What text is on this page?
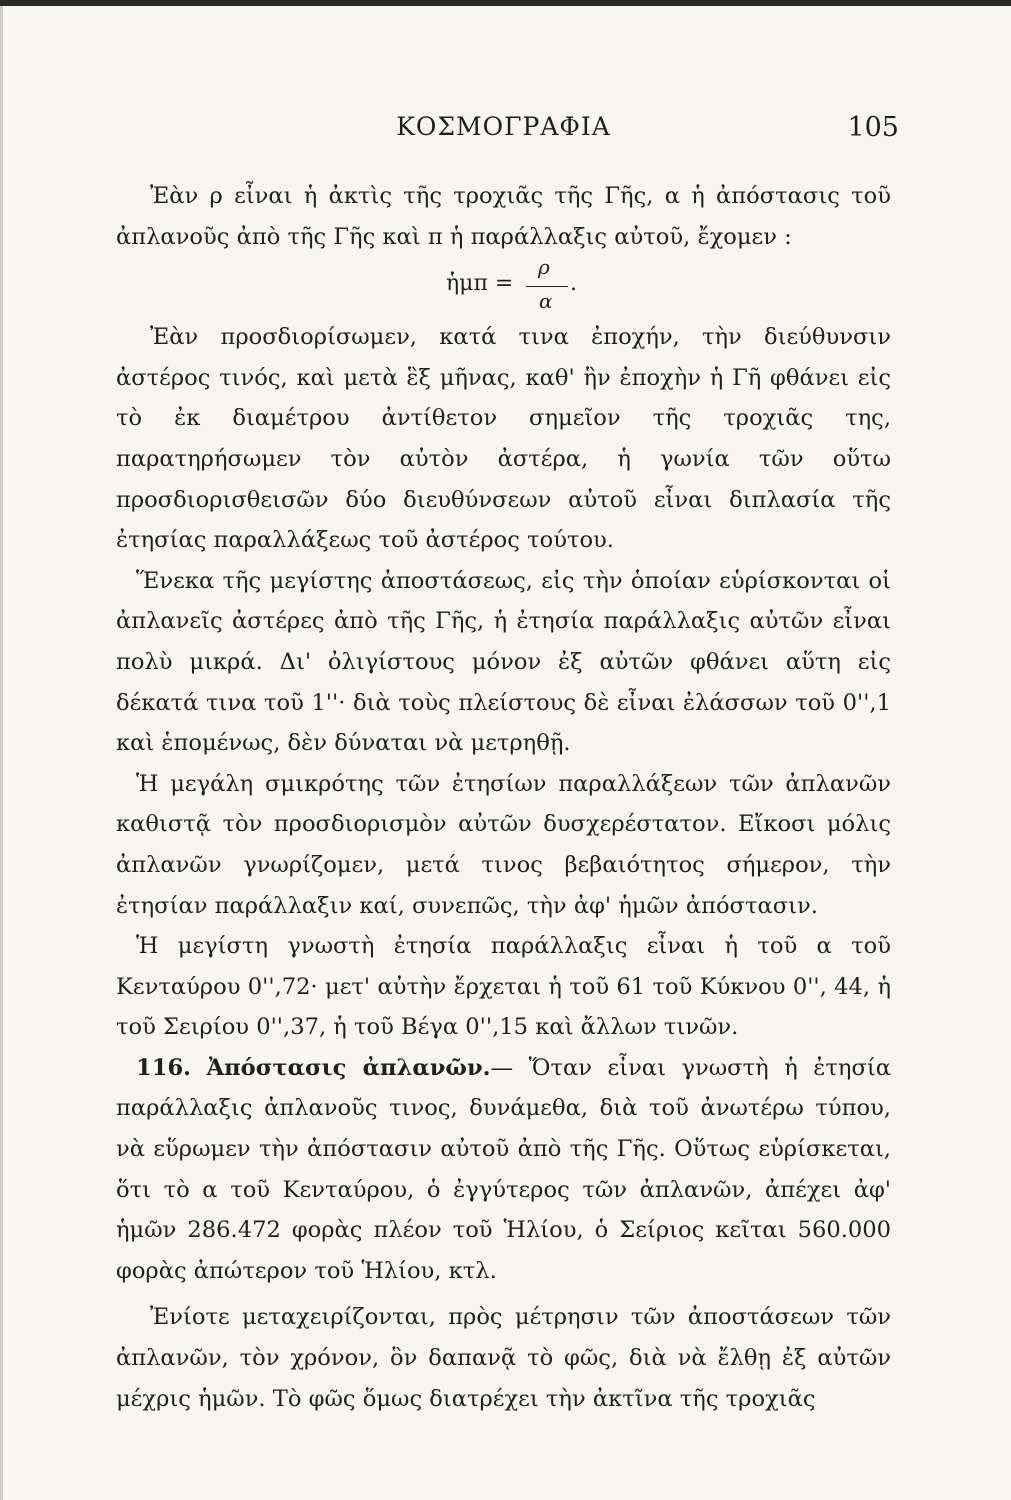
ΚΟΣΜΟΓΡΑΦΙΑ	105

Ἐὰν ρ εἶναι ἡ ἀκτὶς τῆς τροχιᾶς τῆς Γῆς, α ἡ ἀπόστασις τοῦ ἀπλανοῦς ἀπὸ τῆς Γῆς καὶ π ἡ παράλλαξις αὐτοῦ, ἔχομεν :

ἡμπ =
ρ
α
.

Ἐὰν προσδιορίσωμεν, κατά τινα ἐποχήν, τὴν διεύθυνσιν ἀστέρος τινός, καὶ μετὰ ἓξ μῆνας, καθ' ἣν ἐποχὴν ἡ Γῆ φθάνει εἰς τὸ ἐκ διαμέτρου ἀντίθετον σημεῖον τῆς τροχιᾶς της, παρατηρήσωμεν τὸν αὐτὸν ἀστέρα, ἡ γωνία τῶν οὕτω προσδιορισθεισῶν δύο διευθύνσεων αὐτοῦ εἶναι διπλασία τῆς ἐτησίας παραλλάξεως τοῦ ἀστέρος τούτου.

Ἕνεκα τῆς μεγίστης ἀποστάσεως, εἰς τὴν ὁποίαν εὑρίσκονται οἱ ἀπλανεῖς ἀστέρες ἀπὸ τῆς Γῆς, ἡ ἐτησία παράλλαξις αὐτῶν εἶναι πολὺ μικρά. Δι' ὀλιγίστους μόνον ἐξ αὐτῶν φθάνει αὕτη εἰς δέκατά τινα τοῦ 1''· διὰ τοὺς πλείστους δὲ εἶναι ἐλάσσων τοῦ 0'',1 καὶ ἑπομένως, δὲν δύναται νὰ μετρηθῇ.

Ἡ μεγάλη σμικρότης τῶν ἐτησίων παραλλάξεων τῶν ἀπλανῶν καθιστᾷ τὸν προσδιορισμὸν αὐτῶν δυσχερέστατον. Εἴκοσι μόλις ἀπλανῶν γνωρίζομεν, μετά τινος βεβαιότητος σήμερον, τὴν ἐτησίαν παράλλαξιν καί, συνεπῶς, τὴν ἀφ' ἡμῶν ἀπόστασιν.

Ἡ μεγίστη γνωστὴ ἐτησία παράλλαξις εἶναι ἡ τοῦ α τοῦ Κενταύρου 0'',72· μετ' αὐτὴν ἔρχεται ἡ τοῦ 61 τοῦ Κύκνου 0'', 44, ἡ τοῦ Σειρίου 0'',37, ἡ τοῦ Βέγα 0'',15 καὶ ἄλλων τινῶν.

116. Ἀπόστασις ἀπλανῶν.— Ὅταν εἶναι γνωστὴ ἡ ἐτησία παράλλαξις ἀπλανοῦς τινος, δυνάμεθα, διὰ τοῦ ἀνωτέρω τύπου, νὰ εὕρωμεν τὴν ἀπόστασιν αὐτοῦ ἀπὸ τῆς Γῆς. Οὕτως εὑρίσκεται, ὅτι τὸ α τοῦ Κενταύρου, ὁ ἐγγύτερος τῶν ἀπλανῶν, ἀπέχει ἀφ' ἡμῶν 286.472 φορὰς πλέον τοῦ Ἡλίου, ὁ Σείριος κεῖται 560.000 φορὰς ἀπώτερον τοῦ Ἡλίου, κτλ.

Ἐνίοτε μεταχειρίζονται, πρὸς μέτρησιν τῶν ἀποστάσεων τῶν ἀπλανῶν, τὸν χρόνον, ὃν δαπανᾷ τὸ φῶς, διὰ νὰ ἔλθῃ ἐξ αὐτῶν μέχρις ἡμῶν. Τὸ φῶς ὅμως διατρέχει τὴν ἀκτῖνα τῆς τροχιᾶς
